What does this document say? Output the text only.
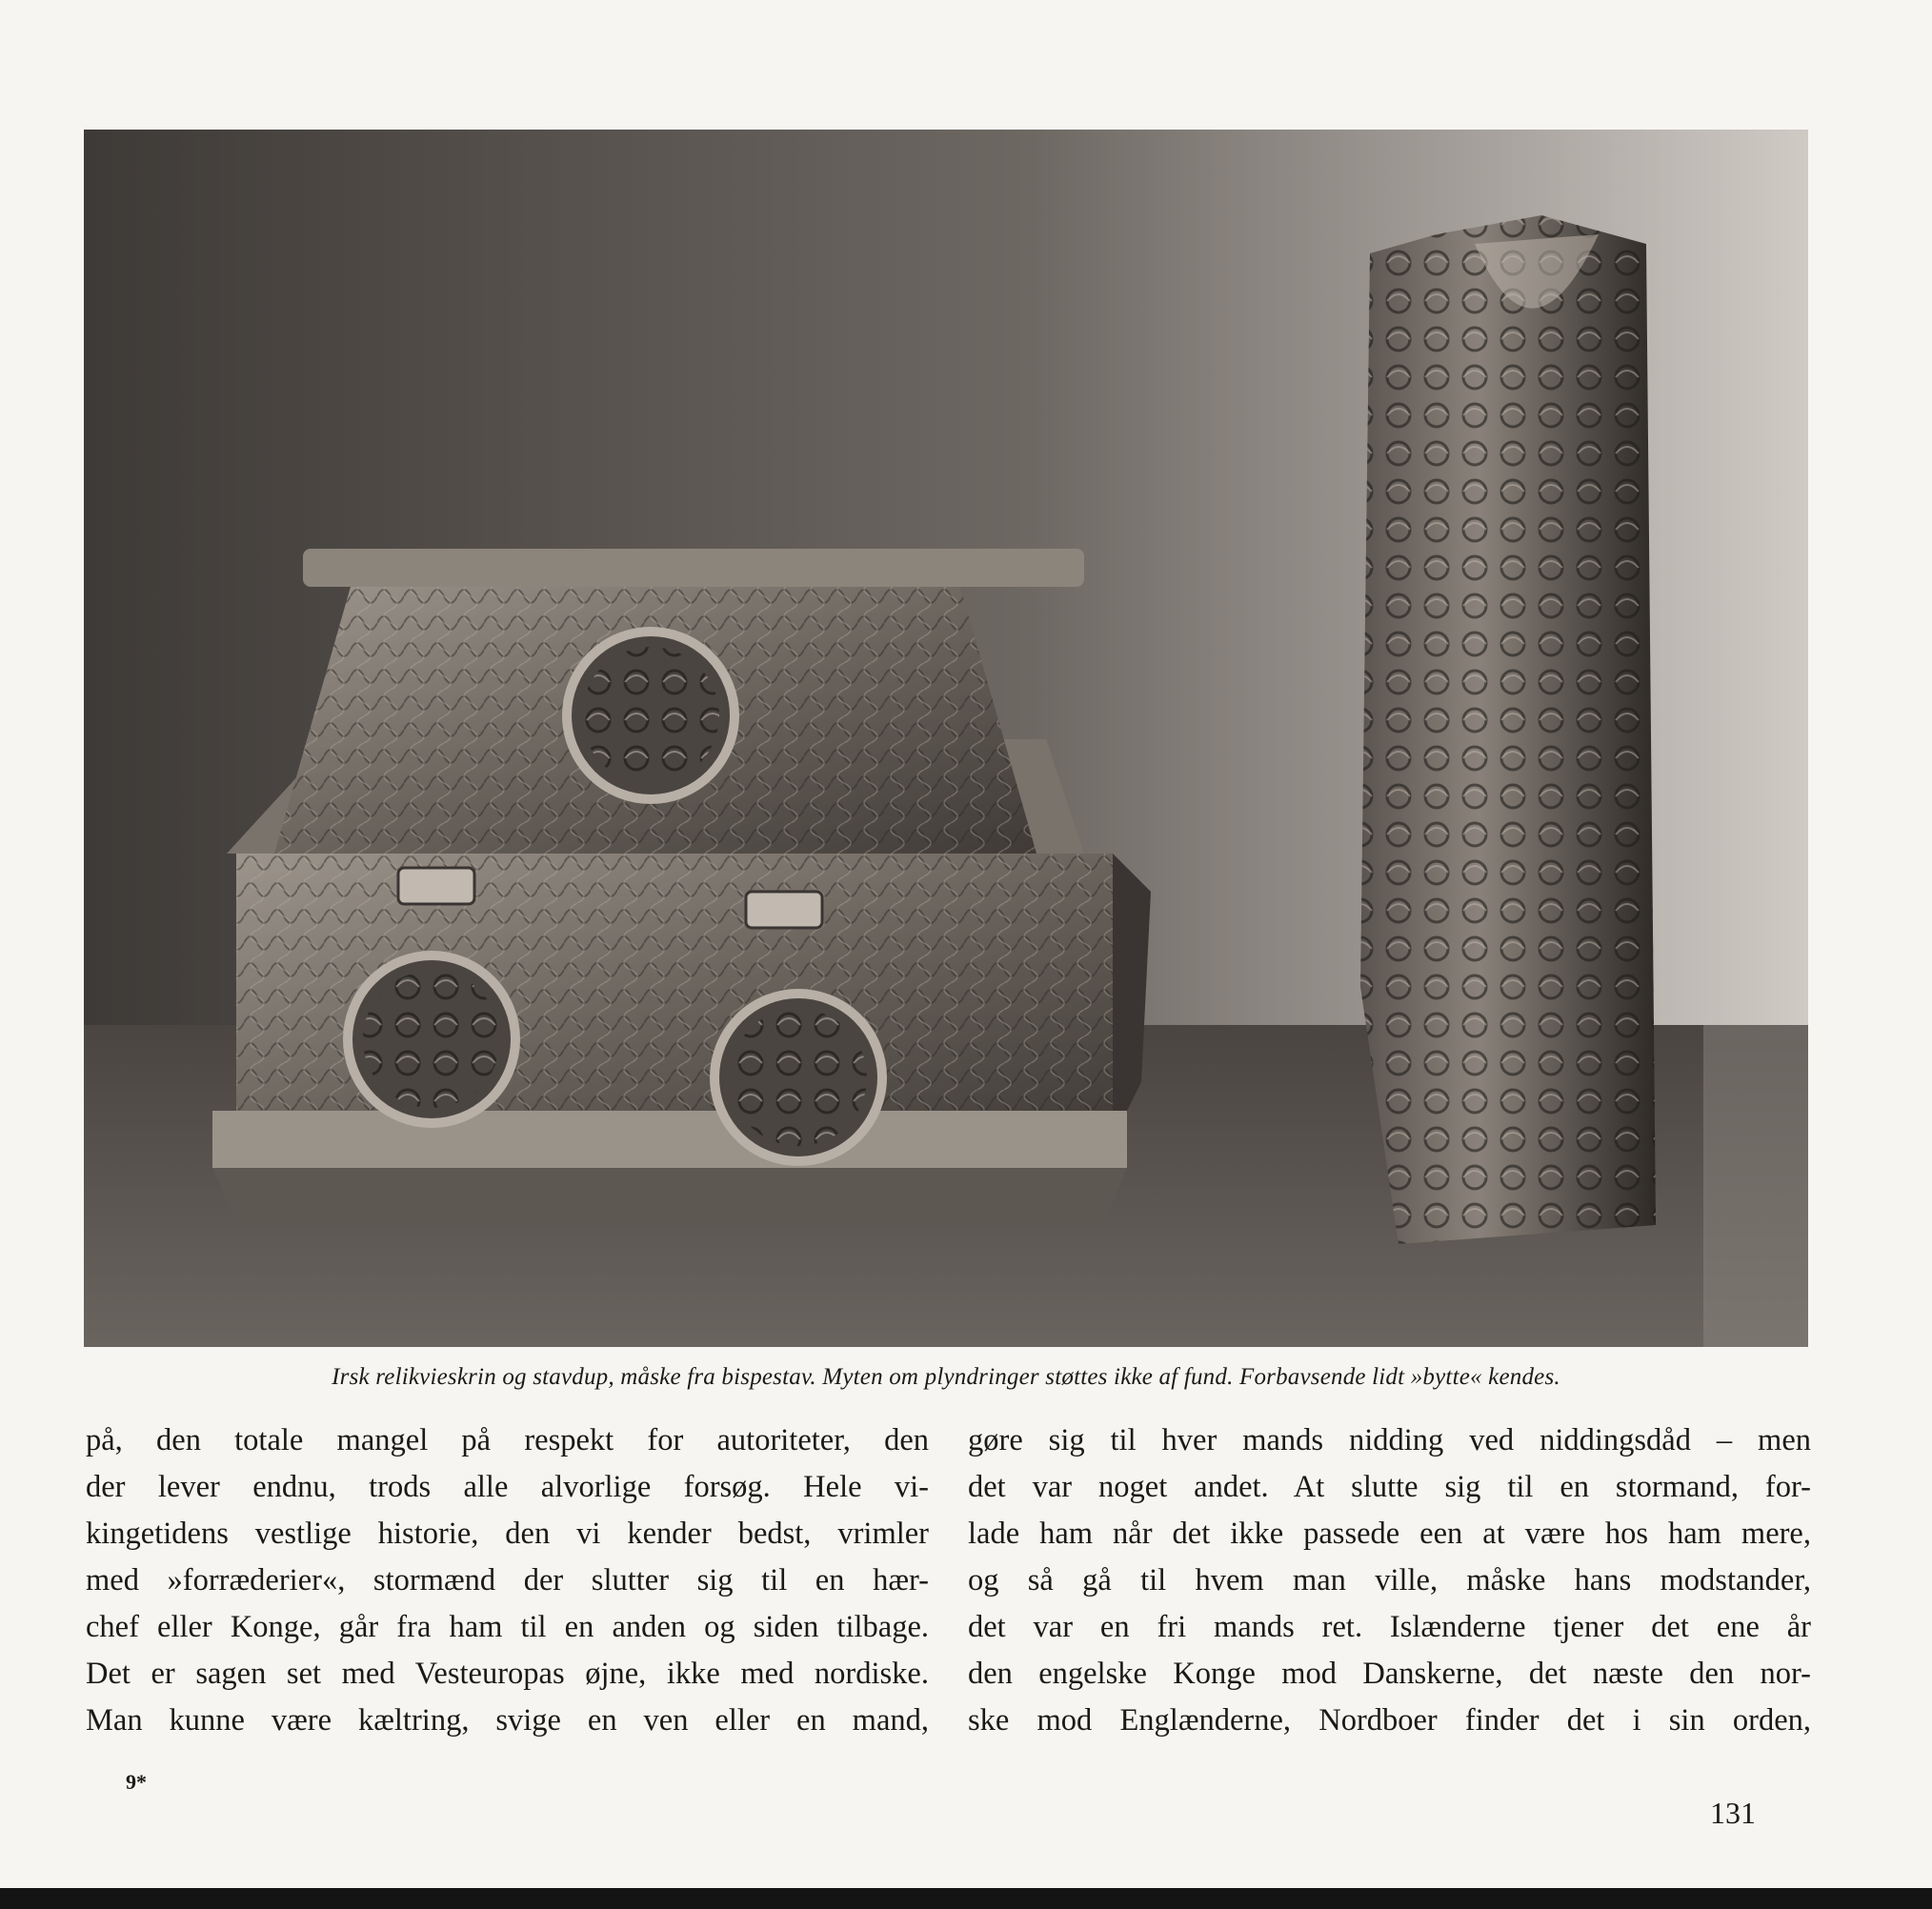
Irsk relikvieskrin og stavdup, måske fra bispestav. Myten om plyndringer støttes ikke af fund. Forbavsende lidt »bytte« kendes.
på, den totale mangel på respekt for autoriteter, den
der lever endnu, trods alle alvorlige forsøg. Hele vi-
kingetidens vestlige historie, den vi kender bedst, vrimler
med »forræderier«, stormænd der slutter sig til en hær-
chef eller Konge, går fra ham til en anden og siden tilbage.
Det er sagen set med Vesteuropas øjne, ikke med nordiske.
Man kunne være kæltring, svige en ven eller en mand,
gøre sig til hver mands nidding ved niddingsdåd – men
det var noget andet. At slutte sig til en stormand, for-
lade ham når det ikke passede een at være hos ham mere,
og så gå til hvem man ville, måske hans modstander,
det var en fri mands ret. Islænderne tjener det ene år
den engelske Konge mod Danskerne, det næste den nor-
ske mod Englænderne, Nordboer finder det i sin orden,
9*
131
